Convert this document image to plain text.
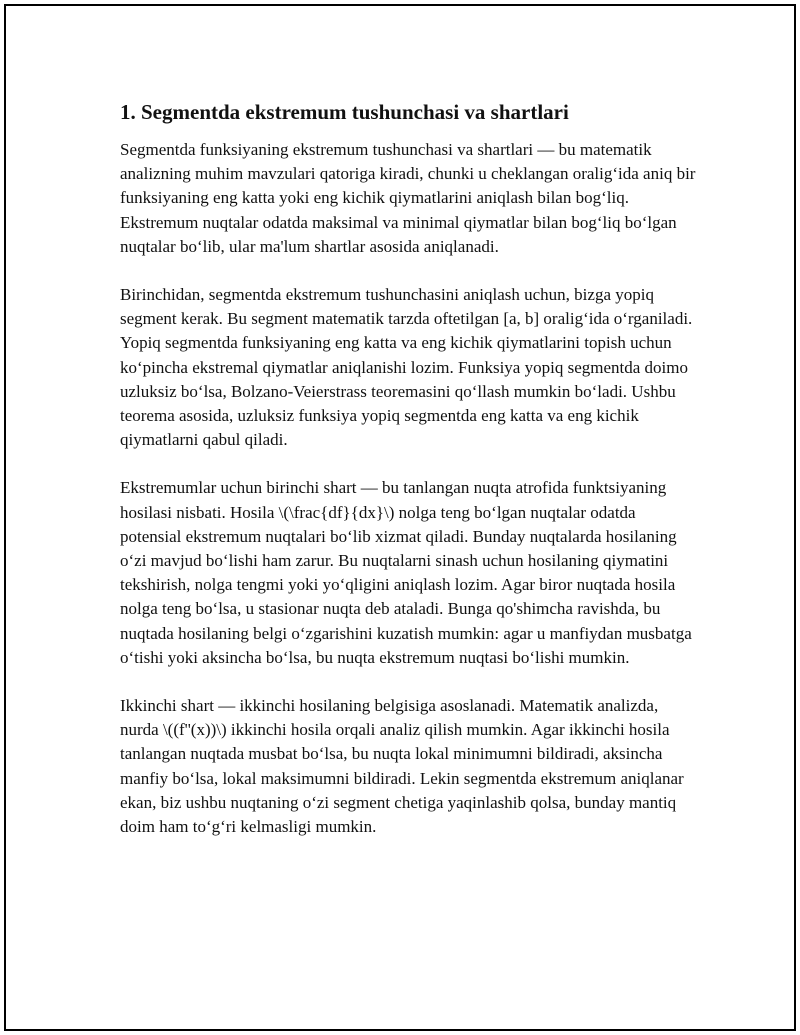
1. Segmentda ekstremum tushunchasi va shartlari

Segmentda funksiyaning ekstremum tushunchasi va shartlari — bu matematik analizning muhim mavzulari qatoriga kiradi, chunki u cheklangan oralig‘ida aniq bir funksiyaning eng katta yoki eng kichik qiymatlarini aniqlash bilan bog‘liq. Ekstremum nuqtalar odatda maksimal va minimal qiymatlar bilan bog‘liq bo‘lgan nuqtalar bo‘lib, ular ma'lum shartlar asosida aniqlanadi.

Birinchidan, segmentda ekstremum tushunchasini aniqlash uchun, bizga yopiq segment kerak. Bu segment matematik tarzda oftetilgan [a, b] oralig‘ida o‘rganiladi. Yopiq segmentda funksiyaning eng katta va eng kichik qiymatlarini topish uchun ko‘pincha ekstremal qiymatlar aniqlanishi lozim. Funksiya yopiq segmentda doimo uzluksiz bo‘lsa, Bolzano-Veierstrass teoremasini qo‘llash mumkin bo‘ladi. Ushbu teorema asosida, uzluksiz funksiya yopiq segmentda eng katta va eng kichik qiymatlarni qabul qiladi.

Ekstremumlar uchun birinchi shart — bu tanlangan nuqta atrofida funktsiyaning hosilasi nisbati. Hosila \(\frac{df}{dx}\) nolga teng bo‘lgan nuqtalar odatda potensial ekstremum nuqtalari bo‘lib xizmat qiladi. Bunday nuqtalarda hosilaning o‘zi mavjud bo‘lishi ham zarur. Bu nuqtalarni sinash uchun hosilaning qiymatini tekshirish, nolga tengmi yoki yo‘qligini aniqlash lozim. Agar biror nuqtada hosila nolga teng bo‘lsa, u stasionar nuqta deb ataladi. Bunga qo'shimcha ravishda, bu nuqtada hosilaning belgi o‘zgarishini kuzatish mumkin: agar u manfiydan musbatga o‘tishi yoki aksincha bo‘lsa, bu nuqta ekstremum nuqtasi bo‘lishi mumkin.

Ikkinchi shart — ikkinchi hosilaning belgisiga asoslanadi. Matematik analizda, nurda \((f''(x))\) ikkinchi hosila orqali analiz qilish mumkin. Agar ikkinchi hosila tanlangan nuqtada musbat bo‘lsa, bu nuqta lokal minimumni bildiradi, aksincha manfiy bo‘lsa, lokal maksimumni bildiradi. Lekin segmentda ekstremum aniqlanar ekan, biz ushbu nuqtaning o‘zi segment chetiga yaqinlashib qolsa, bunday mantiq doim ham to‘g‘ri kelmasligi mumkin.
